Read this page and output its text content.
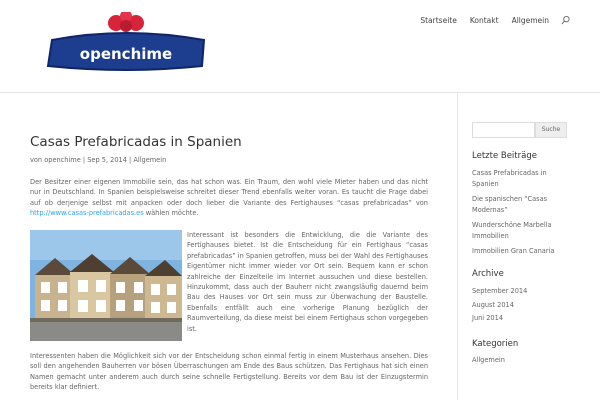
openchime
Startseite Kontakt Allgemein
Casas Prefabricadas in Spanien
von openchime | Sep 5, 2014 | Allgemein

Der Besitzer einer eigenen Immobilie sein, das hat schon was. Ein Traum, den wohl viele Mieter haben und das nicht nur in Deutschland. In Spanien beispielsweise schreitet dieser Trend ebenfalls weiter voran. Es taucht die Frage dabei auf ob derjenige selbst mit anpacken oder doch lieber die Variante des Fertighauses “casas prefabricadas” von http://www.casas-prefabricadas.es wählen möchte.

Interessant ist besonders die Entwicklung, die die Variante des Fertighauses bietet. Ist die Entscheidung für ein Fertighaus “casas prefabricadas” in Spanien getroffen, muss bei der Wahl des Fertighauses Eigentümer nicht immer wieder vor Ort sein. Bequem kann er schon zahlreiche der Einzelteile im Internet aussuchen und diese bestellen. Hinzukommt, dass auch der Bauherr nicht zwangsläufig dauernd beim Bau des Hauses vor Ort sein muss zur Überwachung der Baustelle. Ebenfalls entfällt auch eine vorherige Planung bezüglich der Raumverteilung, da diese meist bei einem Fertighaus schon vorgegeben ist.

Interessenten haben die Möglichkeit sich vor der Entscheidung schon einmal fertig in einem Musterhaus ansehen. Dies soll den angehenden Bauherren vor bösen Überraschungen am Ende des Baus schützen. Das Fertighaus hat sich einen Namen gemacht unter anderem auch durch seine schnelle Fertigstellung. Bereits vor dem Bau ist der Einzugstermin bereits klar definiert.

Suche
Letzte Beiträge
Casas Prefabricadas in Spanien
Die spanischen “Casas Modernas”
Wunderschöne Marbella Immobilien
Immobilien Gran Canaria
Archive
September 2014
August 2014
Juni 2014
Kategorien
Allgemein
